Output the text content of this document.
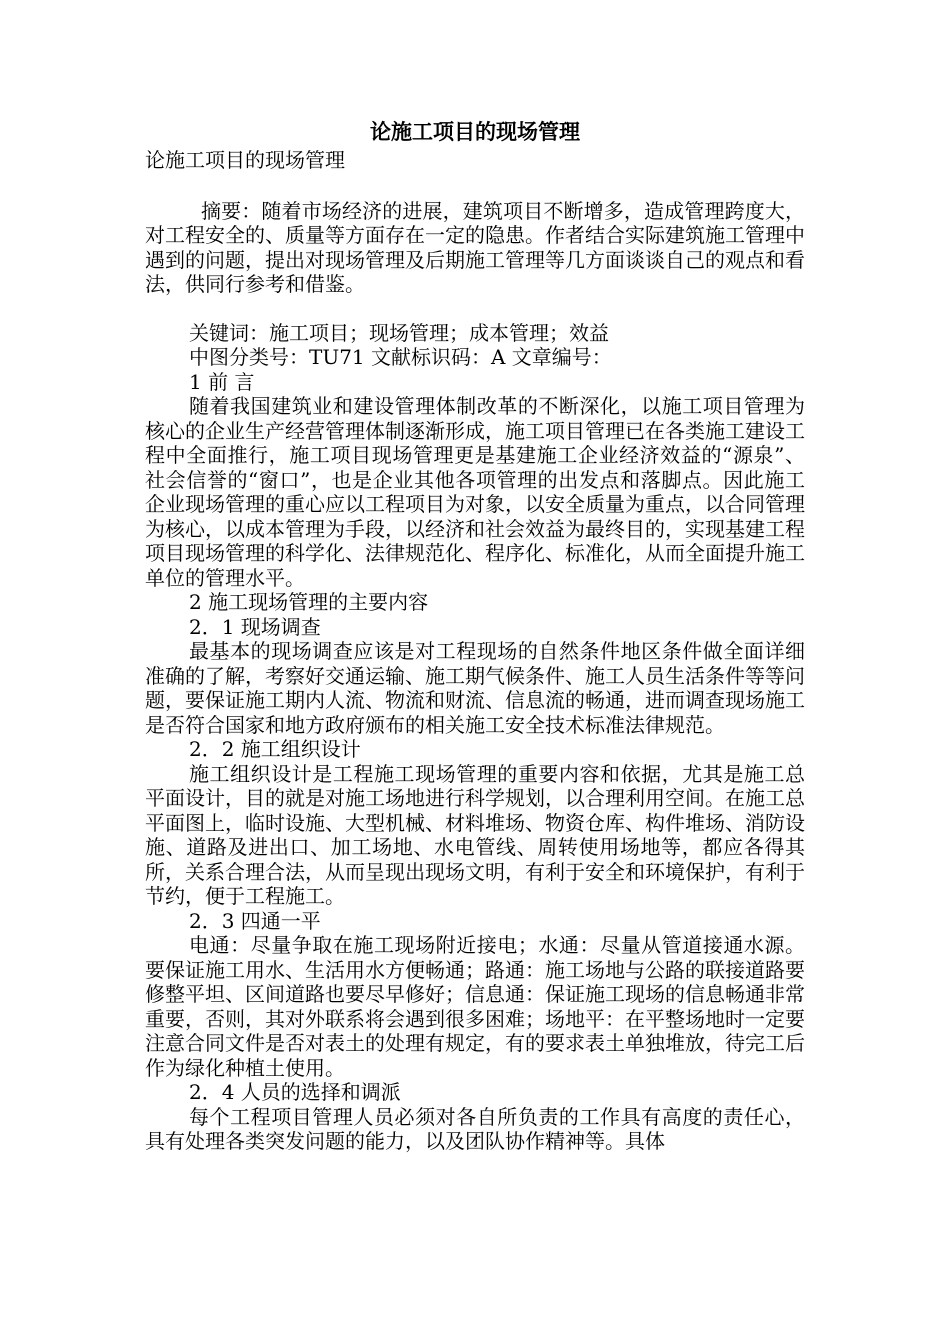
论施工项目的现场管理

论施工项目的现场管理

摘要：随着市场经济的进展，建筑项目不断增多，造成管理跨度大，对工程安全的、质量等方面存在一定的隐患。作者结合实际建筑施工管理中遇到的问题，提出对现场管理及后期施工管理等几方面谈谈自己的观点和看法，供同行参考和借鉴。

关键词：施工项目；现场管理；成本管理；效益

中图分类号：TU71 文献标识码：A 文章编号：

1 前 言

随着我国建筑业和建设管理体制改革的不断深化，以施工项目管理为核心的企业生产经营管理体制逐渐形成，施工项目管理已在各类施工建设工程中全面推行，施工项目现场管理更是基建施工企业经济效益的“源泉”、社会信誉的“窗口”，也是企业其他各项管理的出发点和落脚点。因此施工企业现场管理的重心应以工程项目为对象，以安全质量为重点，以合同管理为核心，以成本管理为手段，以经济和社会效益为最终目的，实现基建工程项目现场管理的科学化、法律规范化、程序化、标准化，从而全面提升施工单位的管理水平。

2 施工现场管理的主要内容

2．1 现场调查

最基本的现场调查应该是对工程现场的自然条件地区条件做全面详细准确的了解，考察好交通运输、施工期气候条件、施工人员生活条件等等问题，要保证施工期内人流、物流和财流、信息流的畅通，进而调查现场施工是否符合国家和地方政府颁布的相关施工安全技术标准法律规范。

2．2 施工组织设计

施工组织设计是工程施工现场管理的重要内容和依据，尤其是施工总平面设计，目的就是对施工场地进行科学规划，以合理利用空间。在施工总平面图上，临时设施、大型机械、材料堆场、物资仓库、构件堆场、消防设施、道路及进出口、加工场地、水电管线、周转使用场地等，都应各得其所，关系合理合法，从而呈现出现场文明，有利于安全和环境保护，有利于节约，便于工程施工。

2．3 四通一平

电通：尽量争取在施工现场附近接电；水通：尽量从管道接通水源。要保证施工用水、生活用水方便畅通；路通：施工场地与公路的联接道路要修整平坦、区间道路也要尽早修好；信息通：保证施工现场的信息畅通非常重要，否则，其对外联系将会遇到很多困难；场地平：在平整场地时一定要注意合同文件是否对表土的处理有规定，有的要求表土单独堆放，待完工后作为绿化种植土使用。

2．4 人员的选择和调派

每个工程项目管理人员必须对各自所负责的工作具有高度的责任心，具有处理各类突发问题的能力，以及团队协作精神等。具体
